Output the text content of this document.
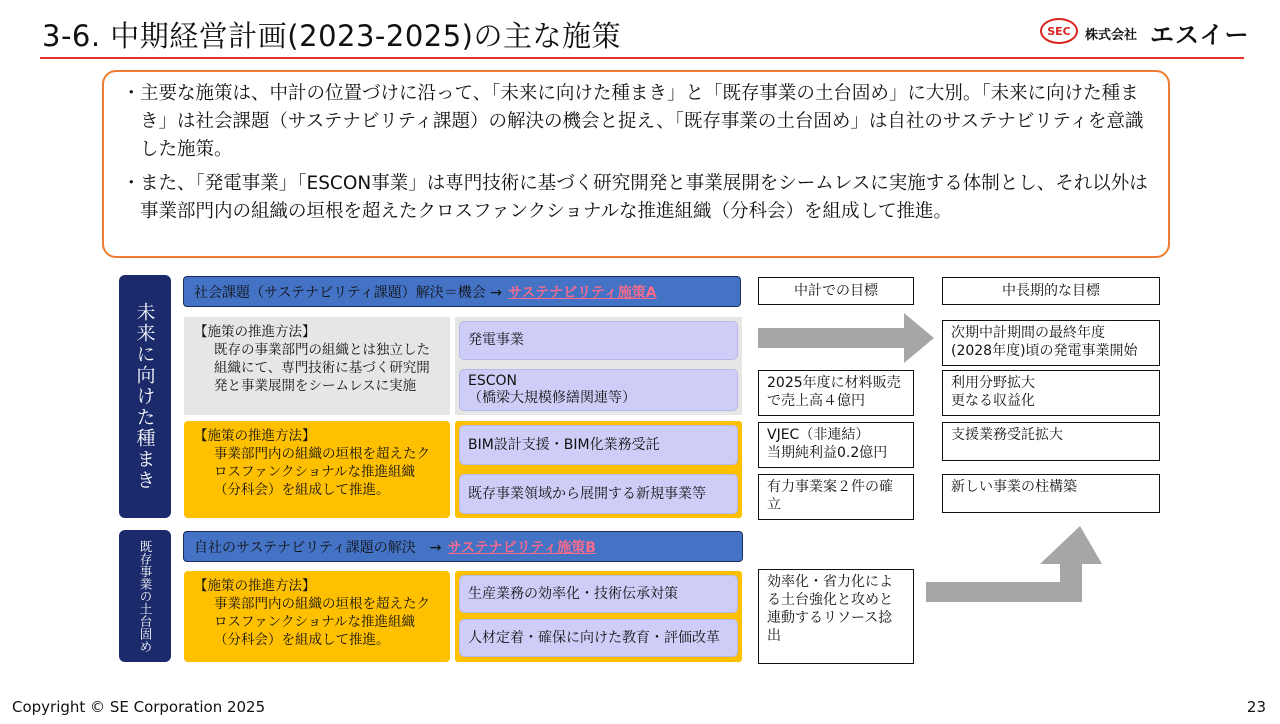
3-6. 中期経営計画(2023-2025)の主な施策	SEC	株式会社 エスイー
・ 主要な施策は、中計の位置づけに沿って、「未来に向けた種まき」と「既存事業の土台固め」に大別。「未来に向けた種まき」は社会課題（サステナビリティ課題）の解決の機会と捉え、「既存事業の土台固め」は自社のサステナビリティを意識した施策。
・ また、「発電事業」「ESCON事業」は専門技術に基づく研究開発と事業展開をシームレスに実施する体制とし、それ以外は事業部門内の組織の垣根を超えたクロスファンクショナルな推進組織（分科会）を組成して推進。
未来に向けた種まき
既存事業の土台固め
社会課題（サステナビリティ課題）解決＝機会 → サステナビリティ施策A
【施策の推進方法】
既存の事業部門の組織とは独立した組織にて、専門技術に基づく研究開発と事業展開をシームレスに実施
発電事業
ESCON
（橋梁大規模修繕関連等）
【施策の推進方法】
事業部門内の組織の垣根を超えたクロスファンクショナルな推進組織（分科会）を組成して推進。
BIM設計支援・BIM化業務受託
既存事業領域から展開する新規事業等
自社のサステナビリティ課題の解決　→ サステナビリティ施策B
【施策の推進方法】
事業部門内の組織の垣根を超えたクロスファンクショナルな推進組織（分科会）を組成して推進。
生産業務の効率化・技術伝承対策
人材定着・確保に向けた教育・評価改革
中計での目標	中長期的な目標
2025年度に材料販売で売上高４億円
VJEC（非連結）
当期純利益0.2億円
有力事業案２件の確立
効率化・省力化による土台強化と攻めと連動するリソース捻出
次期中計期間の最終年度
(2028年度)頃の発電事業開始
利用分野拡大
更なる収益化
支援業務受託拡大
新しい事業の柱構築
Copyright © SE Corporation 2025	23
